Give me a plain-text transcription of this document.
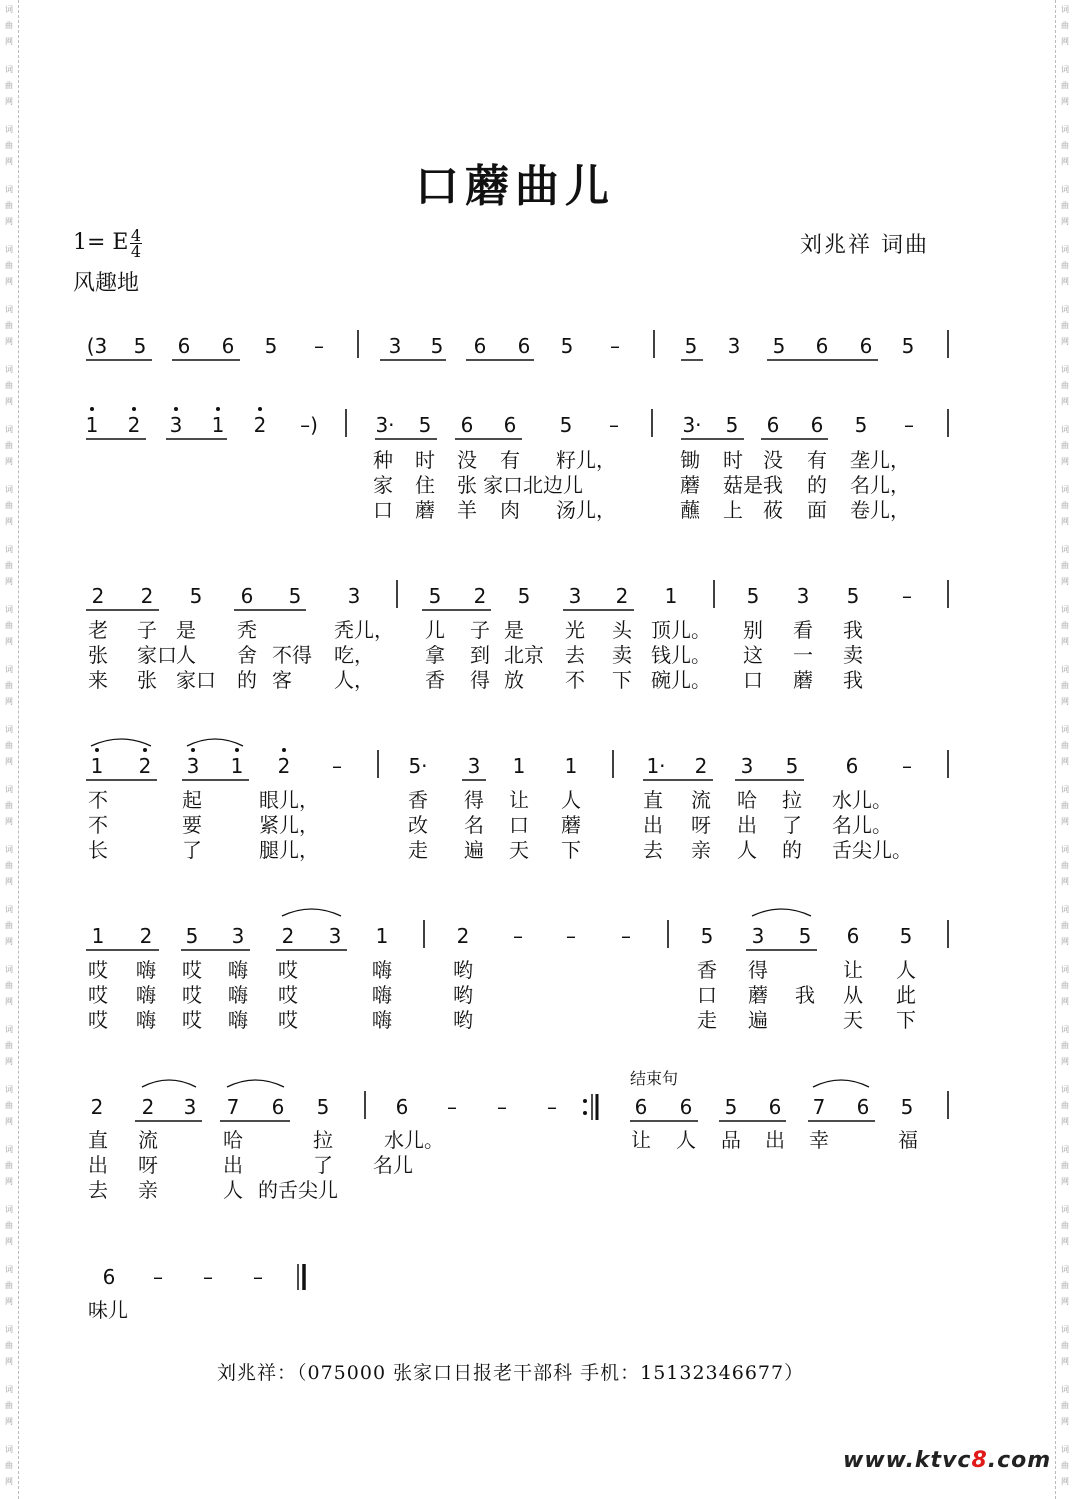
词
曲
网
词
曲
网
词
曲
网
词
曲
网
词
曲
网
词
曲
网
词
曲
网
词
曲
网
词
曲
网
词
曲
网
词
曲
网
词
曲
网
词
曲
网
词
曲
网
词
曲
网
词
曲
网
词
曲
网
词
曲
网
词
曲
网
词
曲
网
词
曲
网
词
曲
网
词
曲
网
词
曲
网
词
曲
网
词
曲
网
词
曲
网
词
曲
网
词
曲
网
词
曲
网
词
曲
网
词
曲
网
词
曲
网
词
曲
网
词
曲
网
词
曲
网
词
曲
网
词
曲
网
词
曲
网
词
曲
网
词
曲
网
词
曲
网
词
曲
网
词
曲
网
词
曲
网
词
曲
网
词
曲
网
词
曲
网
词
曲
网
词
曲
网
口蘑曲儿
1= E 4
4
风趣地
刘兆祥 词曲
结束句
(3 5 6 6 5 –	3 5 6 6 5 –	5 3 5 6 6 5
1 2 3 1 2 –)	3· 5 6 6 5 –	3· 5 6 6 5 –
2 2 5 6 5 3	5 2 5 3 2 1	5 3 5 –
1 2 3 1 2 –	5· 3 1 1	1· 2 3 5 6 –
1 2 5 3 2 3 1	2 – – –	5 3 5 6 5
2 2 3 7 6 5	6 – – –	6 6 5 6 7 6 5
6 – – –
种 时 没 有 籽儿，	锄 时 没 有 垄儿，
家 住 张 家口北边儿	蘑 菇是 我 的 名儿，
口 蘑 羊 肉 汤儿，	蘸 上 莜 面 卷儿，
老 子 是 秃	秃儿， 儿 子 是 光 头 顶儿。 别 看 我
张 家口 人 舍 不得 吃，	拿 到 北京 去 卖 钱儿。 这 一 卖
来 张 家口 的 客 人，	香 得 放 不 下 碗儿。 口 蘑 我
不	起	眼儿，	香 得 让 人	直 流 哈 拉 水儿。
不	要	紧儿，	改 名 口 蘑	出 呀 出 了 名儿。
长	了	腿儿，	走 遍 天 下	去 亲 人 的 舌尖儿。
哎 嗨 哎 嗨 哎	嗨	哟	香 得	让 人
哎 嗨 哎 嗨 哎	嗨	哟	口 蘑 我 从 此
哎 嗨 哎 嗨 哎	嗨	哟	走 遍	天 下
直 流	哈	拉	水儿。	让 人 品 出 幸	福
出 呀	出	了 名儿
去 亲	人 的舌尖儿
味儿
刘兆祥：（075000 张家口日报老干部科 手机：15132346677）
www.ktvc8.com
